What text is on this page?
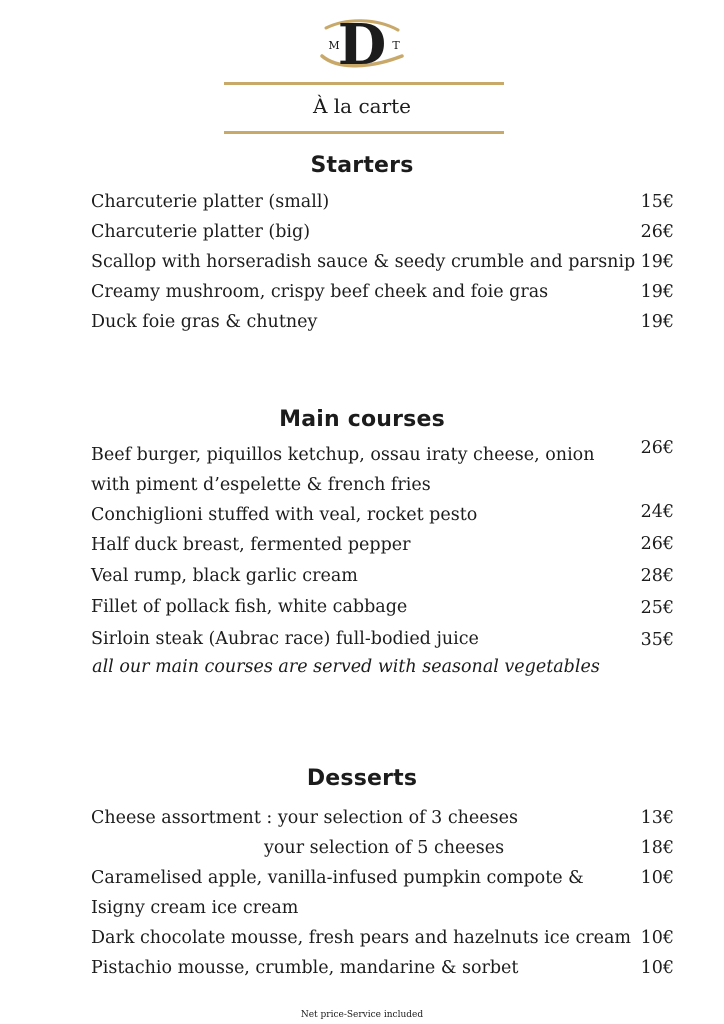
D
M	T
À la carte
Starters
Charcuterie platter (small)	15€
Charcuterie platter (big)	26€
Scallop with horseradish sauce & seedy crumble and parsnip 19€
Creamy mushroom, crispy beef cheek and foie gras	19€
Duck foie gras & chutney	19€
Main courses
Beef burger, piquillos ketchup, ossau iraty cheese, onion with piment d’espelette & french fries
26€
Conchiglioni stuffed with veal, rocket pesto	24€
Half duck breast, fermented pepper	26€
Veal rump, black garlic cream	28€
Fillet of pollack fish, white cabbage	25€
Sirloin steak (Aubrac race) full-bodied juice	35€
all our main courses are served with seasonal vegetables
Desserts
Cheese assortment : your selection of 3 cheeses	13€
your selection of 5 cheeses	18€
Caramelised apple, vanilla-infused pumpkin compote & Isigny cream ice cream
10€
Dark chocolate mousse, fresh pears and hazelnuts ice cream 10€
Pistachio mousse, crumble, mandarine & sorbet	10€
Net price-Service included
